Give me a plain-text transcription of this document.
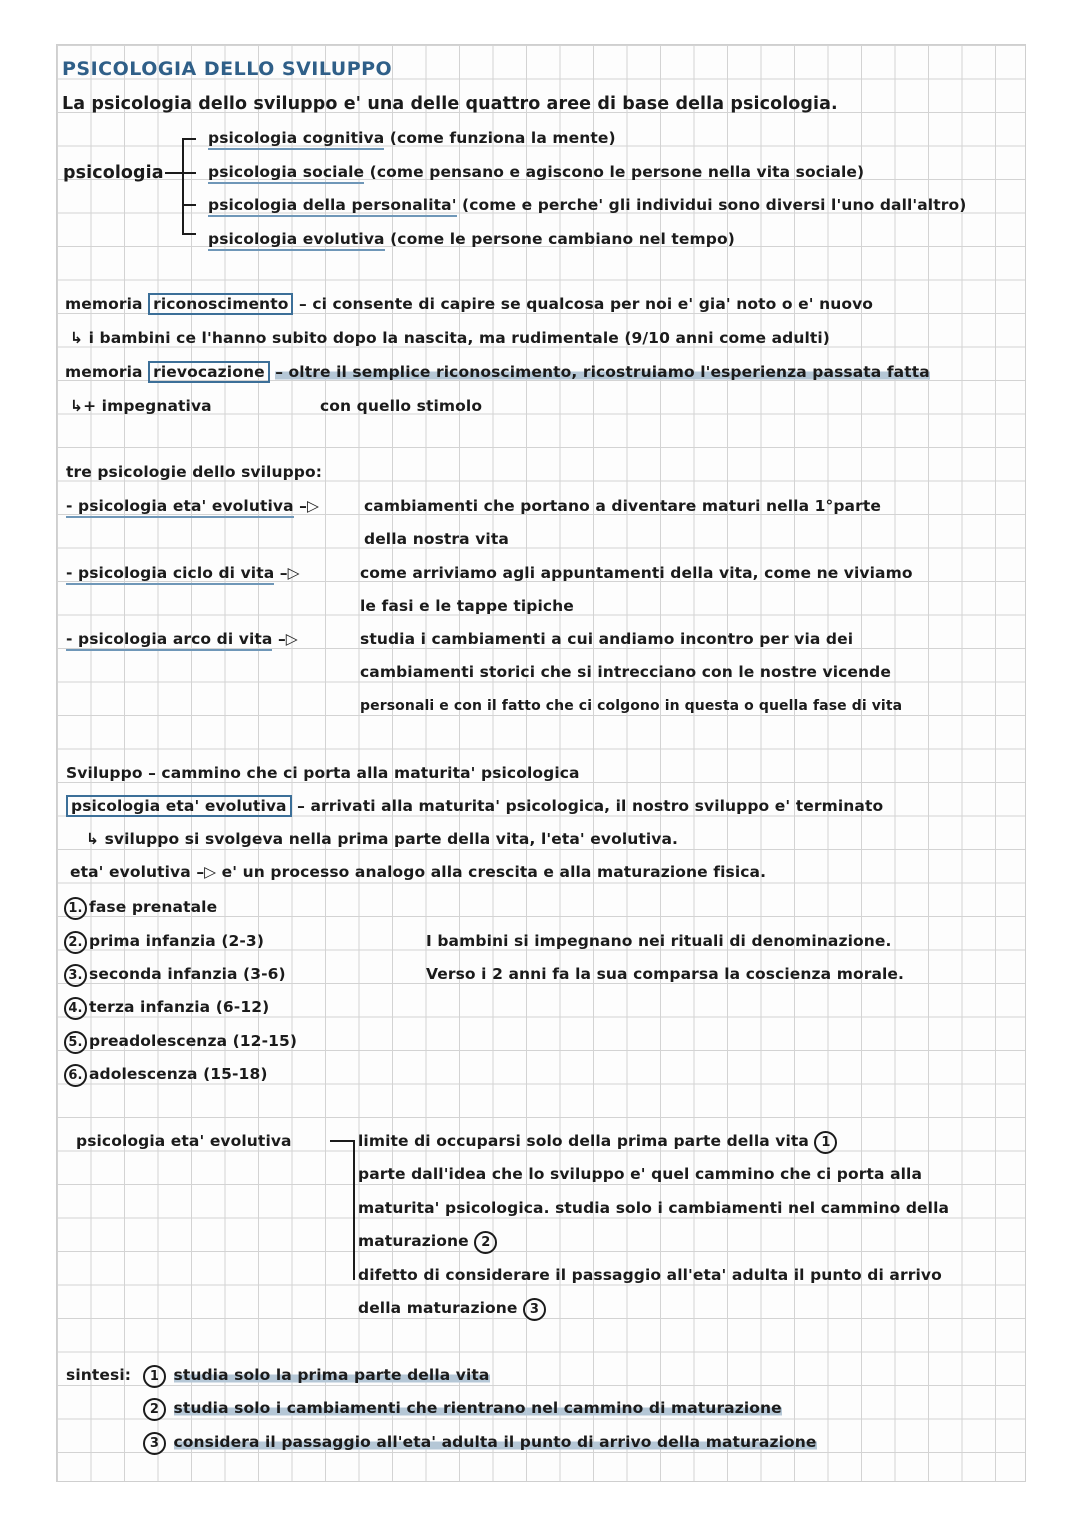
PSICOLOGIA DELLO SVILUPPO
La psicologia dello sviluppo e' una delle quattro aree di base della psicologia.
psicologia
psicologia cognitiva (come funziona la mente)
psicologia sociale (come pensano e agiscono le persone nella vita sociale)
psicologia della personalita' (come e perche' gli individui sono diversi l'uno dall'altro)
psicologia evolutiva (come le persone cambiano nel tempo)
memoria riconoscimento – ci consente di capire se qualcosa per noi e' gia' noto o e' nuovo
↳ i bambini ce l'hanno subito dopo la nascita, ma rudimentale (9/10 anni come adulti)
memoria rievocazione – oltre il semplice riconoscimento, ricostruiamo l'esperienza passata fatta
↳+ impegnativa	con quello stimolo
tre psicologie dello sviluppo:
- psicologia eta' evolutiva –▷	cambiamenti che portano a diventare maturi nella 1°parte
della nostra vita
- psicologia ciclo di vita –▷	come arriviamo agli appuntamenti della vita, come ne viviamo
le fasi e le tappe tipiche
- psicologia arco di vita –▷	studia i cambiamenti a cui andiamo incontro per via dei
cambiamenti storici che si intrecciano con le nostre vicende
personali e con il fatto che ci colgono in questa o quella fase di vita
Sviluppo – cammino che ci porta alla maturita' psicologica
psicologia eta' evolutiva – arrivati alla maturita' psicologica, il nostro sviluppo e' terminato
↳ sviluppo si svolgeva nella prima parte della vita, l'eta' evolutiva.
eta' evolutiva –▷ e' un processo analogo alla crescita e alla maturazione fisica.
1. fase prenatale
2. prima infanzia (2-3)
3. seconda infanzia (3-6)
4. terza infanzia (6-12)
5. preadolescenza (12-15)
6. adolescenza (15-18)
I bambini si impegnano nei rituali di denominazione.
Verso i 2 anni fa la sua comparsa la coscienza morale.
psicologia eta' evolutiva	limite di occuparsi solo della prima parte della vita 1
parte dall'idea che lo sviluppo e' quel cammino che ci porta alla
maturita' psicologica. studia solo i cambiamenti nel cammino della
maturazione 2
difetto di considerare il passaggio all'eta' adulta il punto di arrivo
della maturazione 3
sintesi:	1 studia solo la prima parte della vita
2 studia solo i cambiamenti che rientrano nel cammino di maturazione
3 considera il passaggio all'eta' adulta il punto di arrivo della maturazione
